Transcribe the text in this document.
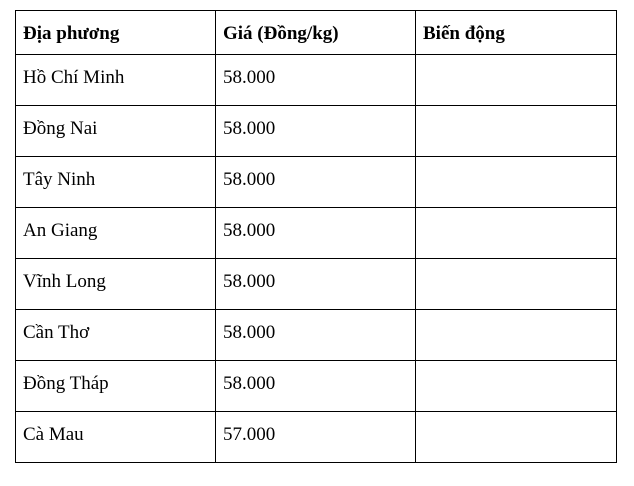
Địa phương	Giá (Đồng/kg)	Biến động
Hồ Chí Minh	58.000	
Đồng Nai	58.000	
Tây Ninh	58.000	
An Giang	58.000	
Vĩnh Long	58.000	
Cần Thơ	58.000	
Đồng Tháp	58.000	
Cà Mau	57.000	
